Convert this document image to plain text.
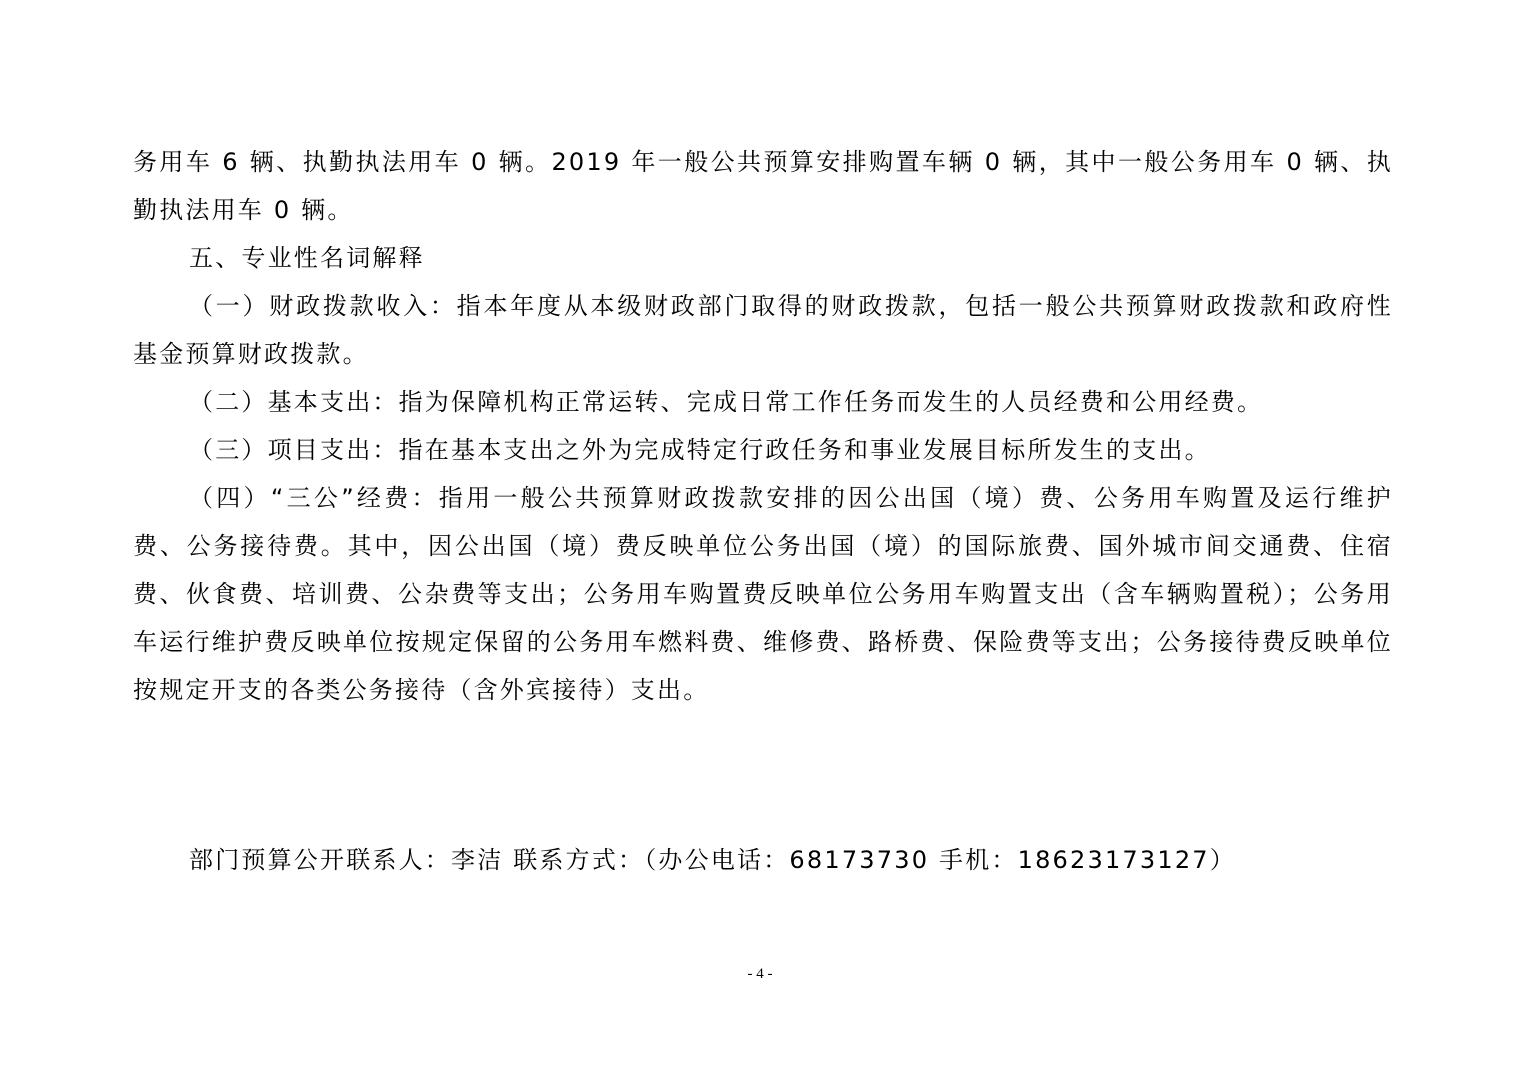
务用车 6 辆、执勤执法用车 0 辆。2019 年一般公共预算安排购置车辆 0 辆，其中一般公务用车 0 辆、执勤执法用车 0 辆。

五、专业性名词解释

（一）财政拨款收入：指本年度从本级财政部门取得的财政拨款，包括一般公共预算财政拨款和政府性基金预算财政拨款。

（二）基本支出：指为保障机构正常运转、完成日常工作任务而发生的人员经费和公用经费。

（三）项目支出：指在基本支出之外为完成特定行政任务和事业发展目标所发生的支出。

（四）“三公”经费：指用一般公共预算财政拨款安排的因公出国（境）费、公务用车购置及运行维护费、公务接待费。其中，因公出国（境）费反映单位公务出国（境）的国际旅费、国外城市间交通费、住宿费、伙食费、培训费、公杂费等支出；公务用车购置费反映单位公务用车购置支出（含车辆购置税）；公务用车运行维护费反映单位按规定保留的公务用车燃料费、维修费、路桥费、保险费等支出；公务接待费反映单位按规定开支的各类公务接待（含外宾接待）支出。

部门预算公开联系人：李洁 联系方式：（办公电话：68173730 手机：18623173127）
- 4 -
